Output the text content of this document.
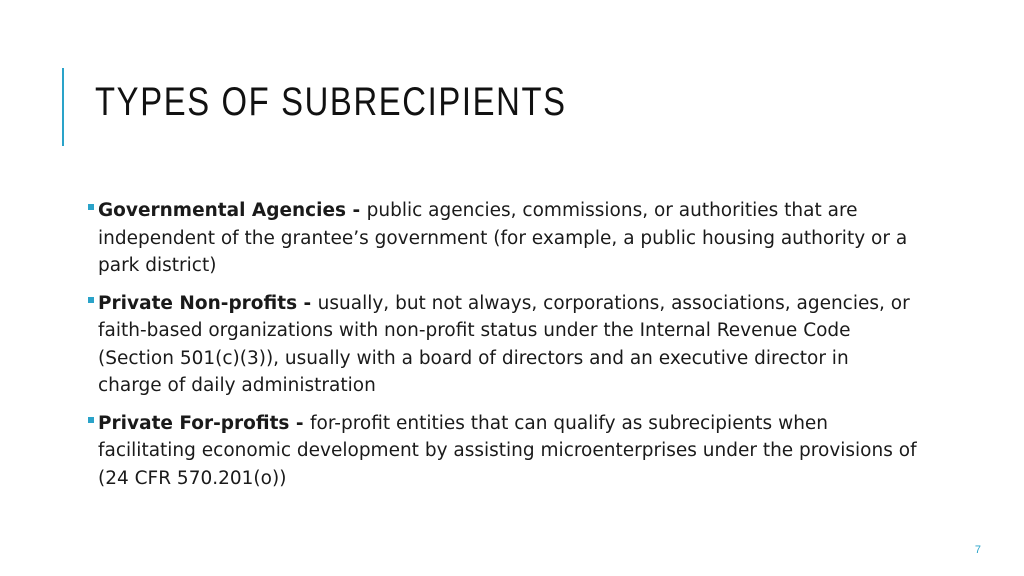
TYPES OF SUBRECIPIENTS
Governmental Agencies - public agencies, commissions, or authorities that are independent of the grantee’s government (for example, a public housing authority or a park district)
Private Non-profits - usually, but not always, corporations, associations, agencies, or faith-based organizations with non-profit status under the Internal Revenue Code (Section 501(c)(3)), usually with a board of directors and an executive director in charge of daily administration
Private For-profits - for-profit entities that can qualify as subrecipients when facilitating economic development by assisting microenterprises under the provisions of (24 CFR 570.201(o))
7
